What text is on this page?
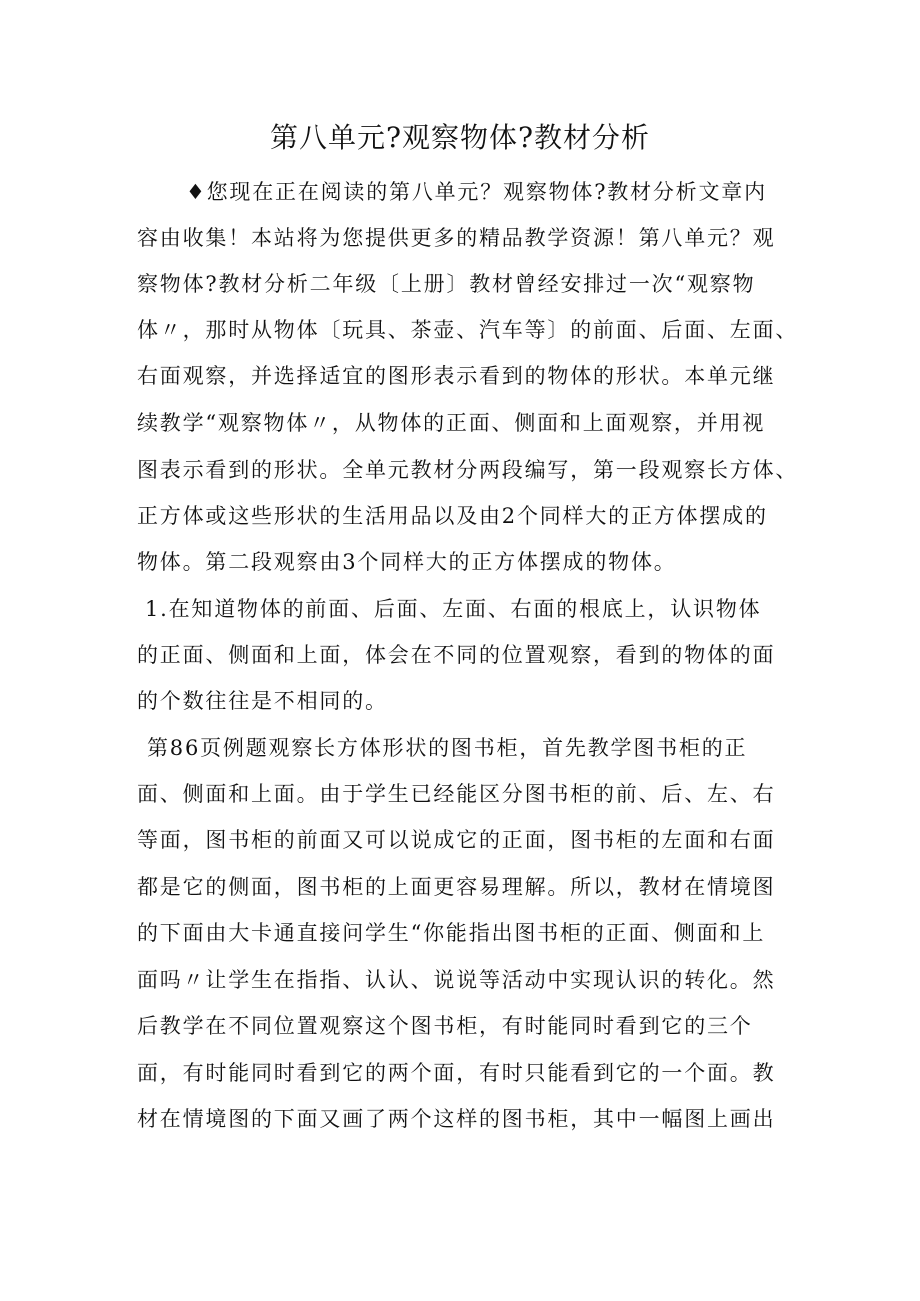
第八单元?观察物体?教材分析
♦您现在正在阅读的第八单元？观察物体?教材分析文章内
容由收集！本站将为您提供更多的精品教学资源！第八单元？观
察物体?教材分析二年级〔上册〕教材曾经安排过一次“观察物
体〃，那时从物体〔玩具、茶壶、汽车等〕的前面、后面、左面、
右面观察，并选择适宜的图形表示看到的物体的形状。本单元继
续教学“观察物体〃，从物体的正面、侧面和上面观察，并用视
图表示看到的形状。全单元教材分两段编写，第一段观察长方体、
正方体或这些形状的生活用品以及由2个同样大的正方体摆成的
物体。第二段观察由3个同样大的正方体摆成的物体。
1.在知道物体的前面、后面、左面、右面的根底上，认识物体
的正面、侧面和上面，体会在不同的位置观察，看到的物体的面
的个数往往是不相同的。
第86页例题观察长方体形状的图书柜，首先教学图书柜的正
面、侧面和上面。由于学生已经能区分图书柜的前、后、左、右
等面，图书柜的前面又可以说成它的正面，图书柜的左面和右面
都是它的侧面，图书柜的上面更容易理解。所以，教材在情境图
的下面由大卡通直接问学生“你能指出图书柜的正面、侧面和上
面吗〃让学生在指指、认认、说说等活动中实现认识的转化。然
后教学在不同位置观察这个图书柜，有时能同时看到它的三个
面，有时能同时看到它的两个面，有时只能看到它的一个面。教
材在情境图的下面又画了两个这样的图书柜，其中一幅图上画出
